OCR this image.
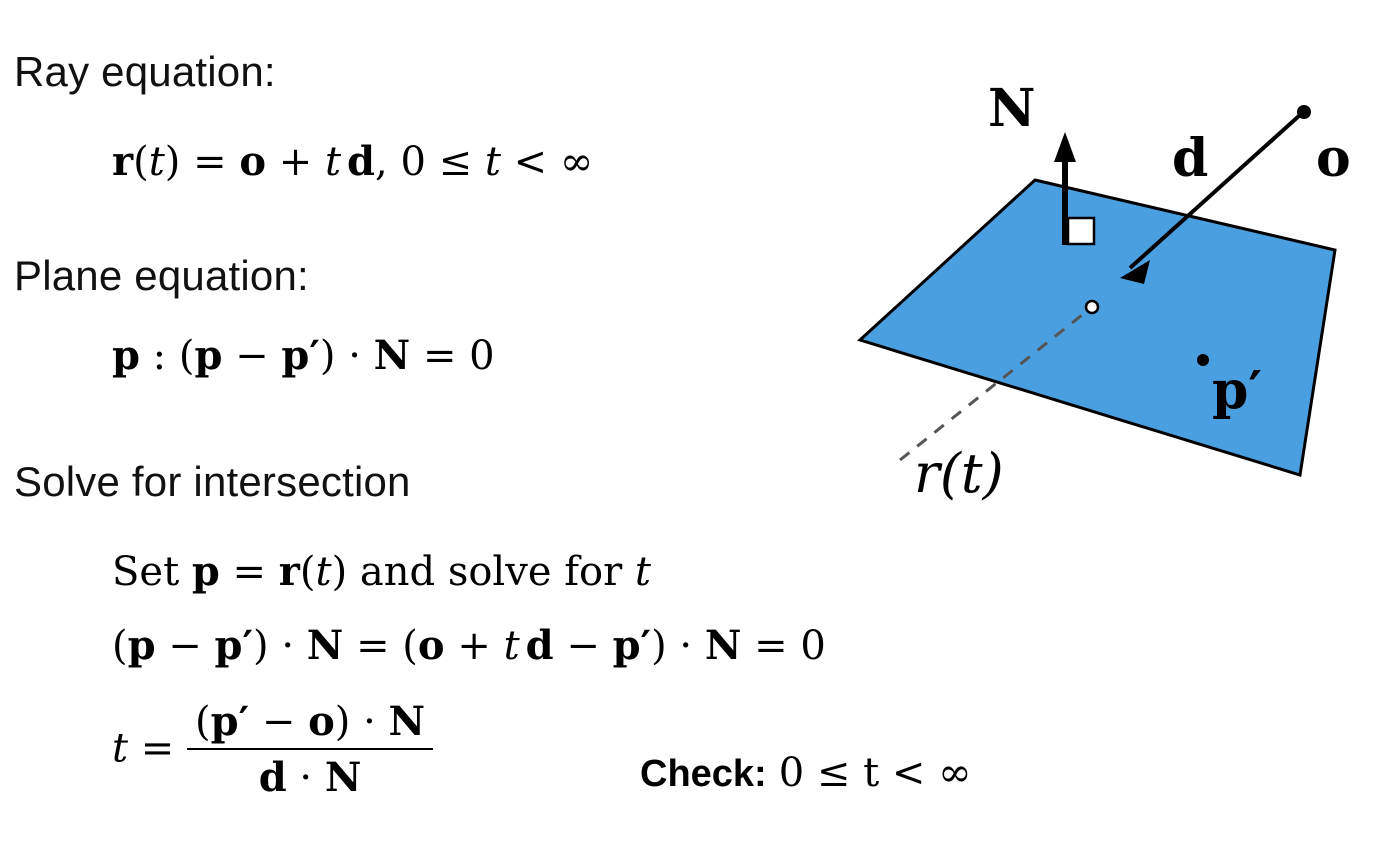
Ray equation:
r(t) = o + t d, 0 ≤ t < ∞
Plane equation:
p : (p − p′) · N = 0
Solve for intersection
Set p = r(t) and solve for t
(p − p′) · N = (o + t d − p′) · N = 0
$t = \frac{(p' - o) \cdot N}{d \cdot N}$	Check: 0 ≤ t < ∞
N
d o
p′
r(t)
